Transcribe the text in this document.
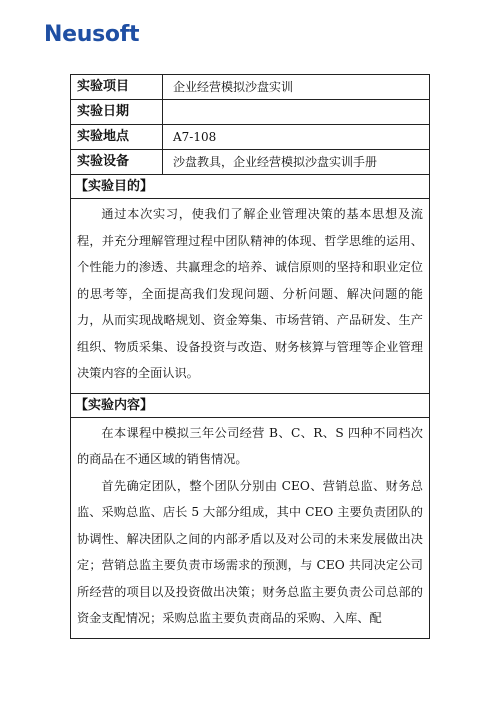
Neusoft
实验项目	企业经营模拟沙盘实训
实验日期
实验地点	A7-108
实验设备	沙盘教具，企业经营模拟沙盘实训手册
【实验目的】

通过本次实习，使我们了解企业管理决策的基本思想及流程，并充分理解管理过程中团队精神的体现、哲学思维的运用、个性能力的渗透、共赢理念的培养、诚信原则的坚持和职业定位的思考等，全面提高我们发现问题、分析问题、解决问题的能力，从而实现战略规划、资金筹集、市场营销、产品研发、生产组织、物质采集、设备投资与改造、财务核算与管理等企业管理决策内容的全面认识。

【实验内容】

在本课程中模拟三年公司经营 B、C、R、S 四种不同档次的商品在不通区域的销售情况。

首先确定团队，整个团队分别由 CEO、营销总监、财务总监、采购总监、店长 5 大部分组成，其中 CEO 主要负责团队的协调性、解决团队之间的内部矛盾以及对公司的未来发展做出决定；营销总监主要负责市场需求的预测，与 CEO 共同决定公司所经营的项目以及投资做出决策；财务总监主要负责公司总部的资金支配情况；采购总监主要负责商品的采购、入库、配
